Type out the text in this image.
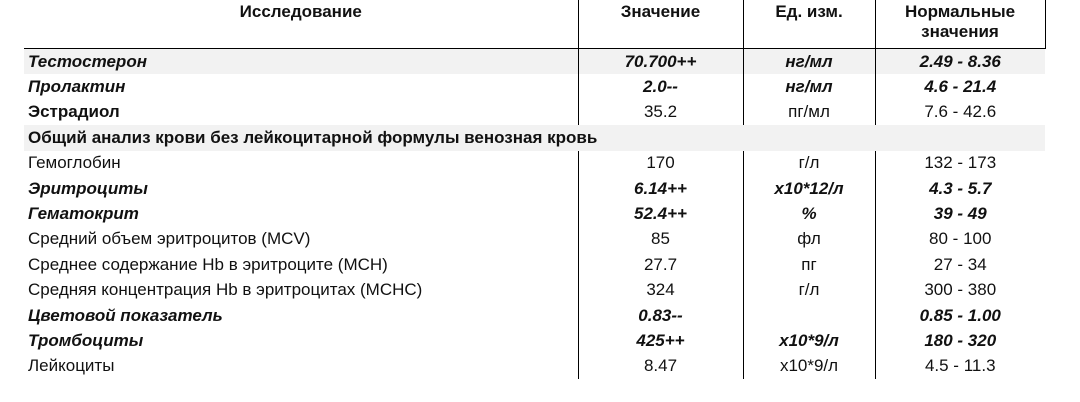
Исследование	Значение	Ед. изм.	Нормальные значения
Тестостерон	70.700++	нг/мл	2.49 - 8.36
Пролактин	2.0--	нг/мл	4.6 - 21.4
Эстрадиол	35.2	пг/мл	7.6 - 42.6
Общий анализ крови без лейкоцитарной формулы венозная кровь			
Гемоглобин	170	г/л	132 - 173
Эритроциты	6.14++	x10*12/л	4.3 - 5.7
Гематокрит	52.4++	%	39 - 49
Средний объем эритроцитов (MCV)	85	фл	80 - 100
Среднее содержание Hb в эритроците (MCH)	27.7	пг	27 - 34
Средняя концентрация Hb в эритроцитах (MCHC)	324	г/л	300 - 380
Цветовой показатель	0.83--		0.85 - 1.00
Тромбоциты	425++	x10*9/л	180 - 320
Лейкоциты	8.47	x10*9/л	4.5 - 11.3
